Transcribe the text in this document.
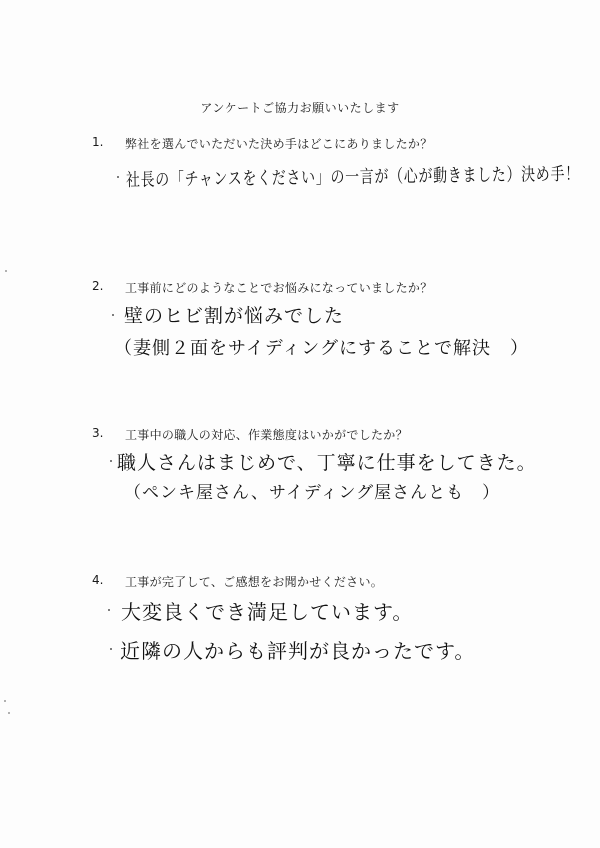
アンケートご協力お願いいたします
1. 弊社を選んでいただいた決め手はどこにありましたか？
社長の「チャンスをください」の一言が（心が動きました）決め手！
2. 工事前にどのようなことでお悩みになっていましたか？
壁のヒビ割が悩みでした
（妻側２面をサイディングにすることで解決　）
3. 工事中の職人の対応、作業態度はいかがでしたか？
職人さんはまじめで、丁寧に仕事をしてきた。
（ペンキ屋さん、サイディング屋さんとも　）
4. 工事が完了して、ご感想をお聞かせください。
大変良くでき満足しています。
近隣の人からも評判が良かったです。
